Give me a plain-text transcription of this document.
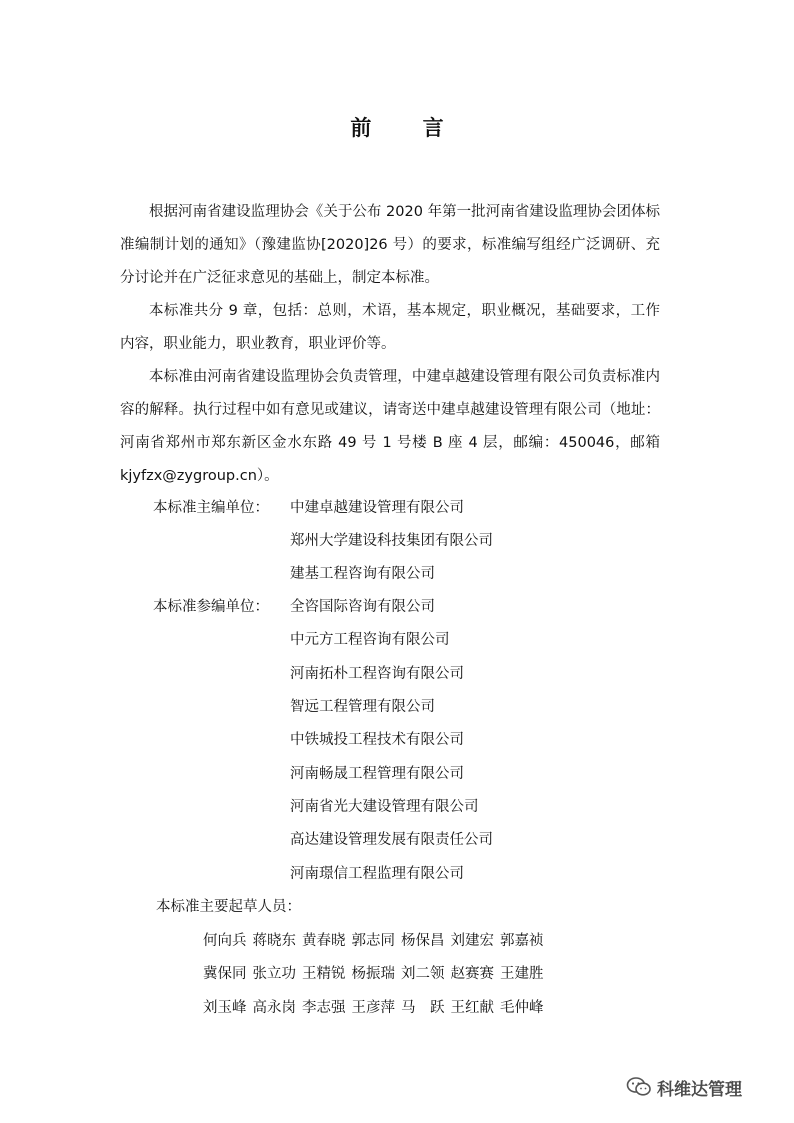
前 言

根据河南省建设监理协会《关于公布 2020 年第一批河南省建设监理协会团体标准编制计划的通知》（豫建监协[2020]26 号）的要求，标准编写组经广泛调研、充分讨论并在广泛征求意见的基础上，制定本标准。

本标准共分 9 章，包括：总则，术语，基本规定，职业概况，基础要求，工作内容，职业能力，职业教育，职业评价等。

本标准由河南省建设监理协会负责管理，中建卓越建设管理有限公司负责标准内容的解释。执行过程中如有意见或建议，请寄送中建卓越建设管理有限公司（地址：河南省郑州市郑东新区金水东路 49 号 1 号楼 B 座 4 层，邮编：450046，邮箱 kjyfzx@zygroup.cn）。

本标准主编单位： 中建卓越建设管理有限公司
郑州大学建设科技集团有限公司
建基工程咨询有限公司
本标准参编单位： 全咨国际咨询有限公司
中元方工程咨询有限公司
河南拓朴工程咨询有限公司
智远工程管理有限公司
中铁城投工程技术有限公司
河南畅晟工程管理有限公司
河南省光大建设管理有限公司
高达建设管理发展有限责任公司
河南璟信工程监理有限公司
本标准主要起草人员：
何向兵 蒋晓东 黄春晓 郭志同 杨保昌 刘建宏 郭嘉祯
冀保同 张立功 王精锐 杨振瑞 刘二领 赵赛赛 王建胜
刘玉峰 高永岗 李志强 王彦萍 马　跃 王红献 毛仲峰
科维达管理
